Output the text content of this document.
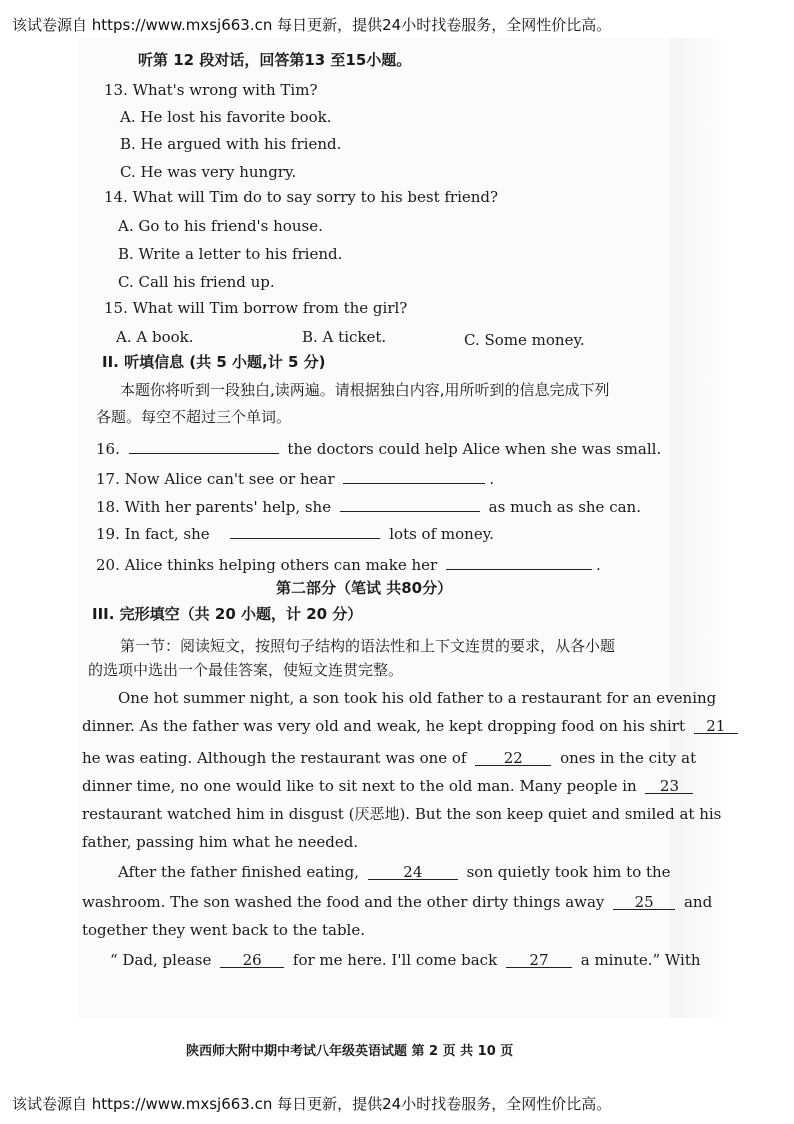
该试卷源自 https://www.mxsj663.cn 每日更新，提供24小时找卷服务，全网性价比高。
听第 12 段对话，回答第13 至15小题。
13. What's wrong with Tim?
A. He lost his favorite book.
B. He argued with his friend.
C. He was very hungry.
14. What will Tim do to say sorry to his best friend?
A. Go to his friend's house.
B. Write a letter to his friend.
C. Call his friend up.
15. What will Tim borrow from the girl?
A. A book.	B. A ticket.	C. Some money.
II. 听填信息 (共 5 小题,计 5 分)
本题你将听到一段独白,读两遍。请根据独白内容,用所听到的信息完成下列
各题。每空不超过三个单词。
16.	the doctors could help Alice when she was small.
17. Now Alice can't see or hear	.
18. With her parents' help, she	as much as she can.
19. In fact, she	lots of money.
20. Alice thinks helping others can make her	.
第二部分（笔试 共80分）
III. 完形填空（共 20 小题，计 20 分）
第一节：阅读短文，按照句子结构的语法性和上下文连贯的要求，从各小题
的选项中选出一个最佳答案，使短文连贯完整。
One hot summer night, a son took his old father to a restaurant for an evening
dinner. As the father was very old and weak, he kept dropping food on his shirt 21
he was eating. Although the restaurant was one of 22 ones in the city at
dinner time, no one would like to sit next to the old man. Many people in 23
restaurant watched him in disgust (厌恶地). But the son keep quiet and smiled at his
father, passing him what he needed.
After the father finished eating,	24	son quietly took him to the
washroom. The son washed the food and the other dirty things away 25 and
together they went back to the table.
“ Dad, please 26 for me here. I'll come back 27 a minute.” With
陕西师大附中期中考试八年级英语试题 第 2 页 共 10 页
该试卷源自 https://www.mxsj663.cn 每日更新，提供24小时找卷服务，全网性价比高。
